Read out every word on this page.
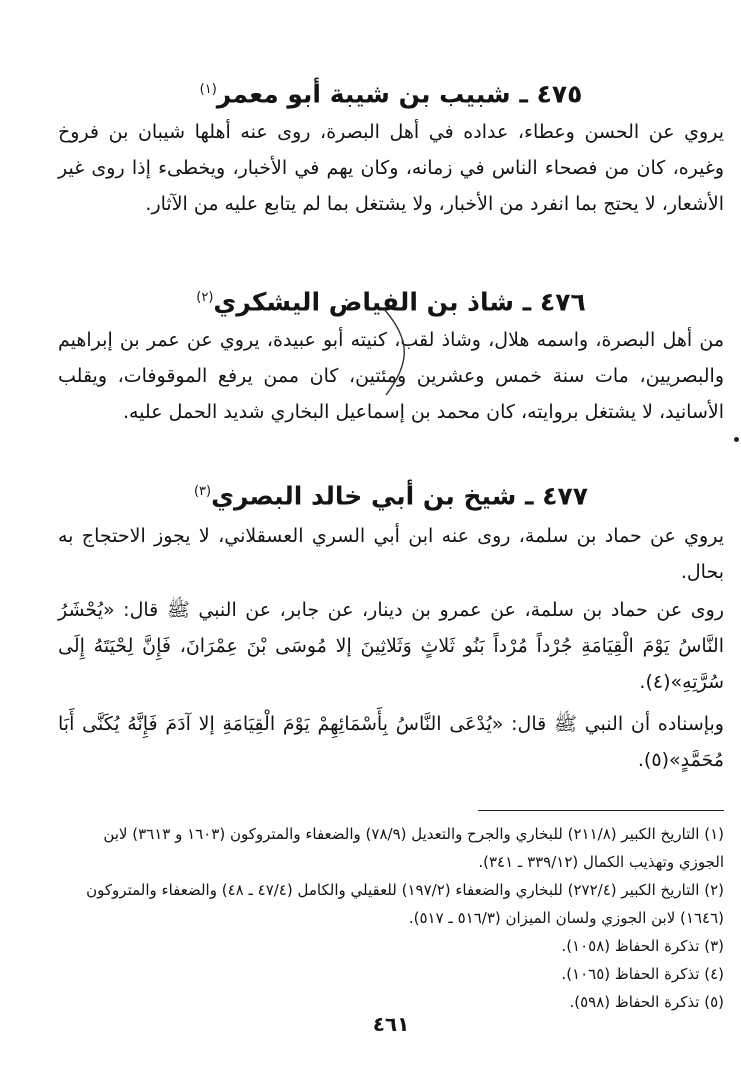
٤٧٥ ـ شبيب بن شيبة أبو معمر$^{(١)}$

يروي عن الحسن وعطاء، عداده في أهل البصرة، روى عنه أهلها شيبان بن فروخ وغيره، كان من فصحاء الناس في زمانه، وكان يهم في الأخبار، ويخطىء إذا روى غير الأشعار، لا يحتج بما انفرد من الأخبار، ولا يشتغل بما لم يتابع عليه من الآثار.

٤٧٦ ـ شاذ بن الفياض اليشكري$^{(٢)}$

من أهل البصرة، واسمه هلال، وشاذ لقب، كنيته أبو عبيدة، يروي عن عمر بن إبراهيم والبصريين، مات سنة خمس وعشرين ومئتين، كان ممن يرفع الموقوفات، ويقلب الأسانيد، لا يشتغل بروايته، كان محمد بن إسماعيل البخاري شديد الحمل عليه.

٤٧٧ ـ شيخ بن أبي خالد البصري$^{(٣)}$

يروي عن حماد بن سلمة، روى عنه ابن أبي السري العسقلاني، لا يجوز الاحتجاج به بحال.

روى عن حماد بن سلمة، عن عمرو بن دينار، عن جابر، عن النبي ﷺ قال: «يُحْشَرُ النَّاسُ يَوْمَ الْقِيَامَةِ جُرْداً مُرْداً بَنُو ثَلاثٍ وَثَلاثِينَ إلا مُوسَى بْنَ عِمْرَانَ، فَإِنَّ لِحْيَتَهُ إِلَى سُرَّتِهِ»(٤).

وبإسناده أن النبي ﷺ قال: «يُدْعَى النَّاسُ بِأَسْمَائِهِمْ يَوْمَ الْقِيَامَةِ إلا آدَمَ فَإِنَّهُ يُكَنَّى أَبَا مُحَمَّدٍ»(٥).

(١) التاريخ الكبير (٢١١/٨) للبخاري والجرح والتعديل (٧٨/٩) والضعفاء والمتروكون (١٦٠٣ و ٣٦١٣) لابن الجوزي وتهذيب الكمال (٣٣٩/١٢ ـ ٣٤١).
(٢) التاريخ الكبير (٢٧٢/٤) للبخاري والضعفاء (١٩٧/٢) للعقيلي والكامل (٤٧/٤ ـ ٤٨) والضعفاء والمتروكون (١٦٤٦) لابن الجوزي ولسان الميزان (٥١٦/٣ ـ ٥١٧).
(٣) تذكرة الحفاظ (١٠٥٨).
(٤) تذكرة الحفاظ (١٠٦٥).
(٥) تذكرة الحفاظ (٥٩٨).
٤٦١
